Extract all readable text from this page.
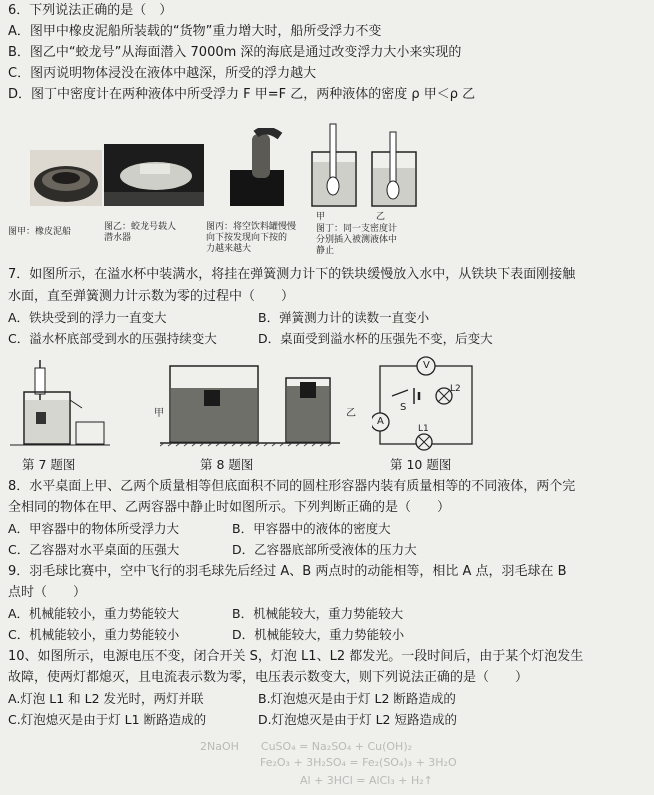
6．下列说法正确的是（　）
A．图甲中橡皮泥船所装载的“货物”重力增大时，船所受浮力不变
B．图乙中“蛟龙号”从海面潜入 7000m 深的海底是通过改变浮力大小来实现的
C．图丙说明物体浸没在液体中越深，所受的浮力越大
D．图丁中密度计在两种液体中所受浮力 F 甲=F 乙，两种液体的密度 ρ 甲＜ρ 乙
图甲：橡皮泥船	图乙：蛟龙号载人
潜水器
图丙：将空饮料罐慢慢
向下按发现向下按的
力越来越大
甲	乙
图丁：同一支密度计
分别插入被测液体中
静止
7．如图所示，在溢水杯中装满水，将挂在弹簧测力计下的铁块缓慢放入水中，从铁块下表面刚接触
水面，直至弹簧测力计示数为零的过程中（　　）
A．铁块受到的浮力一直变大	B．弹簧测力计的读数一直变小
C．溢水杯底部受到水的压强持续变大	D．桌面受到溢水杯的压强先不变，后变大
甲	乙
V
A
S
L2
L1
第 7 题图	第 8 题图	第 10 题图
8．水平桌面上甲、乙两个质量相等但底面积不同的圆柱形容器内装有质量相等的不同液体，两个完
全相同的物体在甲、乙两容器中静止时如图所示。下列判断正确的是（　　）
A．甲容器中的物体所受浮力大	B．甲容器中的液体的密度大
C．乙容器对水平桌面的压强大	D．乙容器底部所受液体的压力大
9．羽毛球比赛中，空中飞行的羽毛球先后经过 A、B 两点时的动能相等，相比 A 点，羽毛球在 B
点时（　　）
A．机械能较小，重力势能较大	B．机械能较大，重力势能较大
C．机械能较小，重力势能较小	D．机械能较大，重力势能较小
10、如图所示，电源电压不变，闭合开关 S，灯泡 L1、L2 都发光。一段时间后，由于某个灯泡发生
故障，使两灯都熄灭，且电流表示数为零，电压表示数变大，则下列说法正确的是（　　）
A.灯泡 L1 和 L2 发光时，两灯并联	B.灯泡熄灭是由于灯 L2 断路造成的
C.灯泡熄灭是由于灯 L1 断路造成的	D.灯泡熄灭是由于灯 L2 短路造成的
2NaOH　　CuSO₄ = Na₂SO₄ + Cu(OH)₂
Fe₂O₃ + 3H₂SO₄ = Fe₂(SO₄)₃ + 3H₂O
Al + 3HCl = AlCl₃ + H₂↑
